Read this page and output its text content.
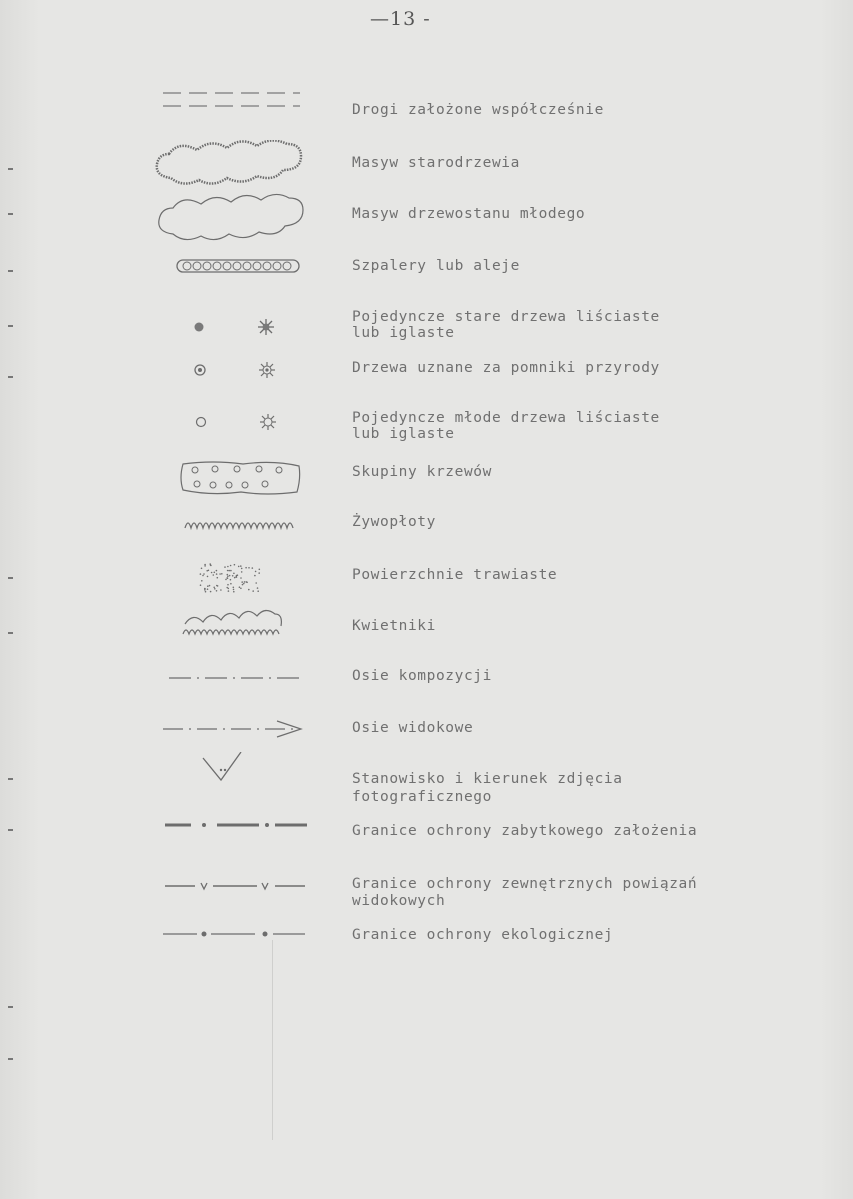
—13 -
Drogi założone współcześnie
Masyw starodrzewia
Masyw drzewostanu młodego
Szpalery lub aleje
Pojedyncze stare drzewa liściaste
lub iglaste
Drzewa uznane za pomniki przyrody
Pojedyncze młode drzewa liściaste
lub iglaste
Skupiny krzewów
Żywopłoty
Powierzchnie trawiaste
Kwietniki
Osie kompozycji
Osie widokowe
Stanowisko i kierunek zdjęcia
fotograficznego
Granice ochrony zabytkowego założenia
Granice ochrony zewnętrznych powiązań
widokowych
Granice ochrony ekologicznej
